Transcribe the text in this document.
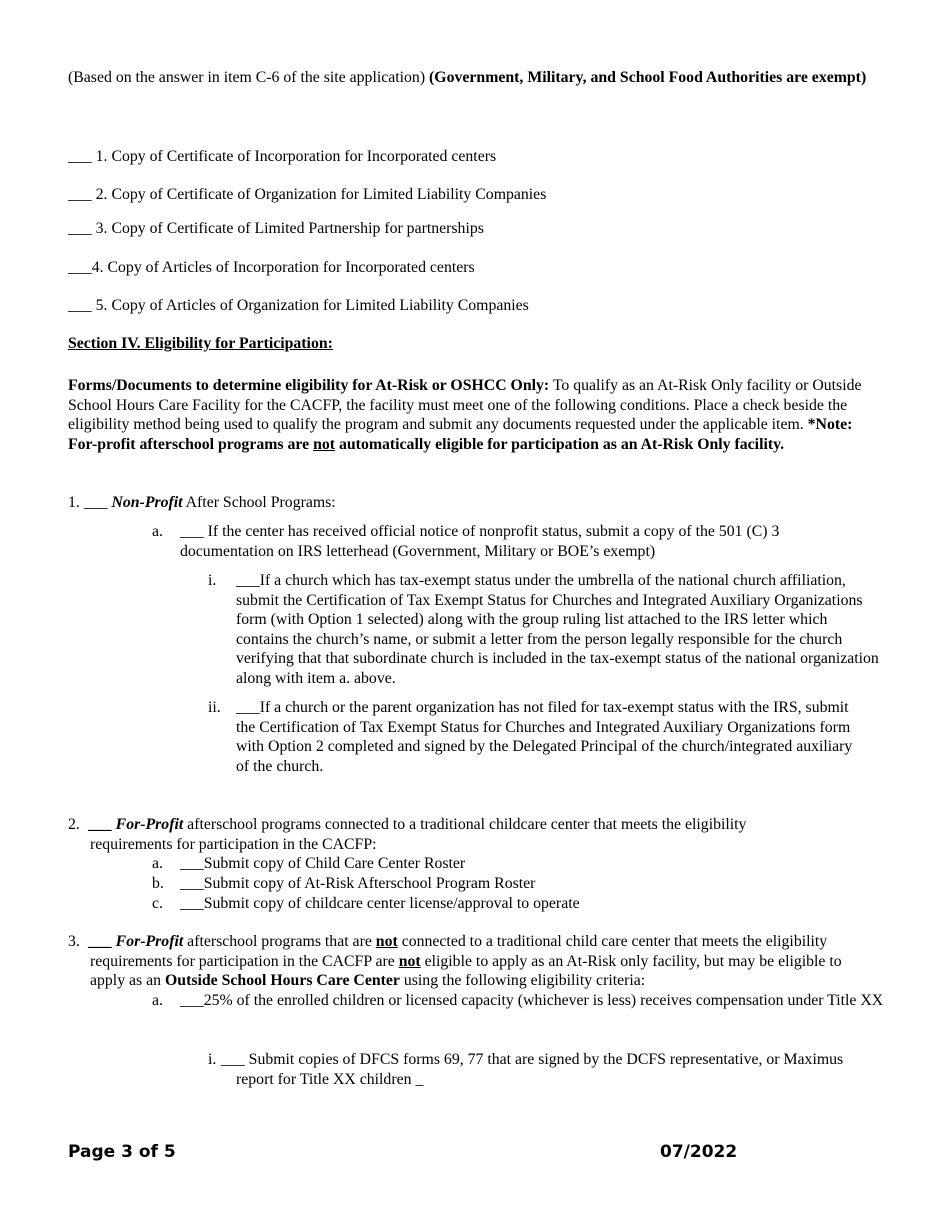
(Based on the answer in item C-6 of the site application) (Government, Military, and School Food Authorities are exempt)
___ 1. Copy of Certificate of Incorporation for Incorporated centers
___ 2. Copy of Certificate of Organization for Limited Liability Companies
___ 3. Copy of Certificate of Limited Partnership for partnerships
___4. Copy of Articles of Incorporation for Incorporated centers
___ 5. Copy of Articles of Organization for Limited Liability Companies
Section IV. Eligibility for Participation:
Forms/Documents to determine eligibility for At-Risk or OSHCC Only: To qualify as an At-Risk Only facility or Outside School Hours Care Facility for the CACFP, the facility must meet one of the following conditions. Place a check beside the eligibility method being used to qualify the program and submit any documents requested under the applicable item. *Note: For-profit afterschool programs are not automatically eligible for participation as an At-Risk Only facility.
1. ___ Non-Profit After School Programs:
a. ___ If the center has received official notice of nonprofit status, submit a copy of the 501 (C) 3 documentation on IRS letterhead (Government, Military or BOE’s exempt)
i. ___If a church which has tax-exempt status under the umbrella of the national church affiliation, submit the Certification of Tax Exempt Status for Churches and Integrated Auxiliary Organizations form (with Option 1 selected) along with the group ruling list attached to the IRS letter which contains the church’s name, or submit a letter from the person legally responsible for the church verifying that that subordinate church is included in the tax-exempt status of the national organization along with item a. above.
ii. ___If a church or the parent organization has not filed for tax-exempt status with the IRS, submit the Certification of Tax Exempt Status for Churches and Integrated Auxiliary Organizations form with Option 2 completed and signed by the Delegated Principal of the church/integrated auxiliary of the church.
2. ___ For-Profit afterschool programs connected to a traditional childcare center that meets the eligibility requirements for participation in the CACFP:
a. ___Submit copy of Child Care Center Roster
b. ___Submit copy of At-Risk Afterschool Program Roster
c. ___Submit copy of childcare center license/approval to operate
3. ___ For-Profit afterschool programs that are not connected to a traditional child care center that meets the eligibility requirements for participation in the CACFP are not eligible to apply as an At-Risk only facility, but may be eligible to apply as an Outside School Hours Care Center using the following eligibility criteria:
a. ___25% of the enrolled children or licensed capacity (whichever is less) receives compensation under Title XX
i. ___ Submit copies of DFCS forms 69, 77 that are signed by the DCFS representative, or Maximus report for Title XX children _
Page 3 of 5	07/2022
